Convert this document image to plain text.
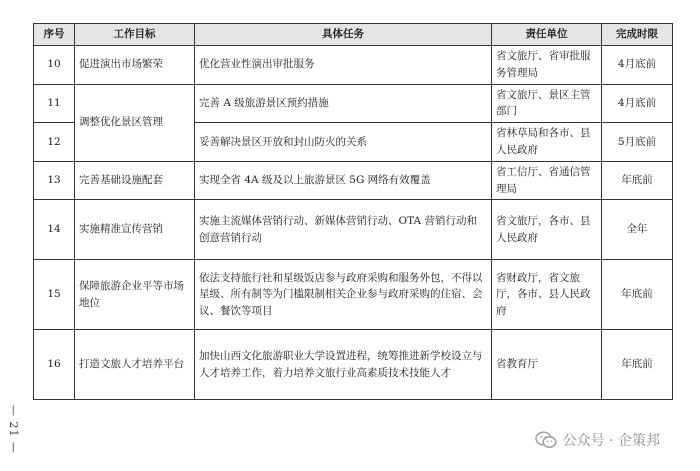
序号	工作目标	具体任务	责任单位	完成时限
10	促进演出市场繁荣	优化营业性演出审批服务	省文旅厅、省审批服务管理局	4月底前
11	调整优化景区管理	完善 A 级旅游景区预约措施	省文旅厅、景区主管部门	4月底前
12		妥善解决景区开放和封山防火的关系	省林草局和各市、县人民政府	5月底前
13	完善基础设施配套	实现全省 4A 级及以上旅游景区 5G 网络有效覆盖	省工信厅、省通信管理局	年底前
14	实施精准宣传营销	实施主流媒体营销行动、新媒体营销行动、OTA 营销行动和创意营销行动	省文旅厅，各市、县人民政府	全年
15	保障旅游企业平等市场地位	依法支持旅行社和星级饭店参与政府采购和服务外包，不得以星级、所有制等为门槛限制相关企业参与政府采购的住宿、会议、餐饮等项目	省财政厅，省文旅厅，各市、县人民政府	年底前
16	打造文旅人才培养平台	加快山西文化旅游职业大学设置进程，统筹推进新学校设立与人才培养工作，着力培养文旅行业高素质技术技能人才	省教育厅	年底前
— 21 —	公众号 · 企策邦
